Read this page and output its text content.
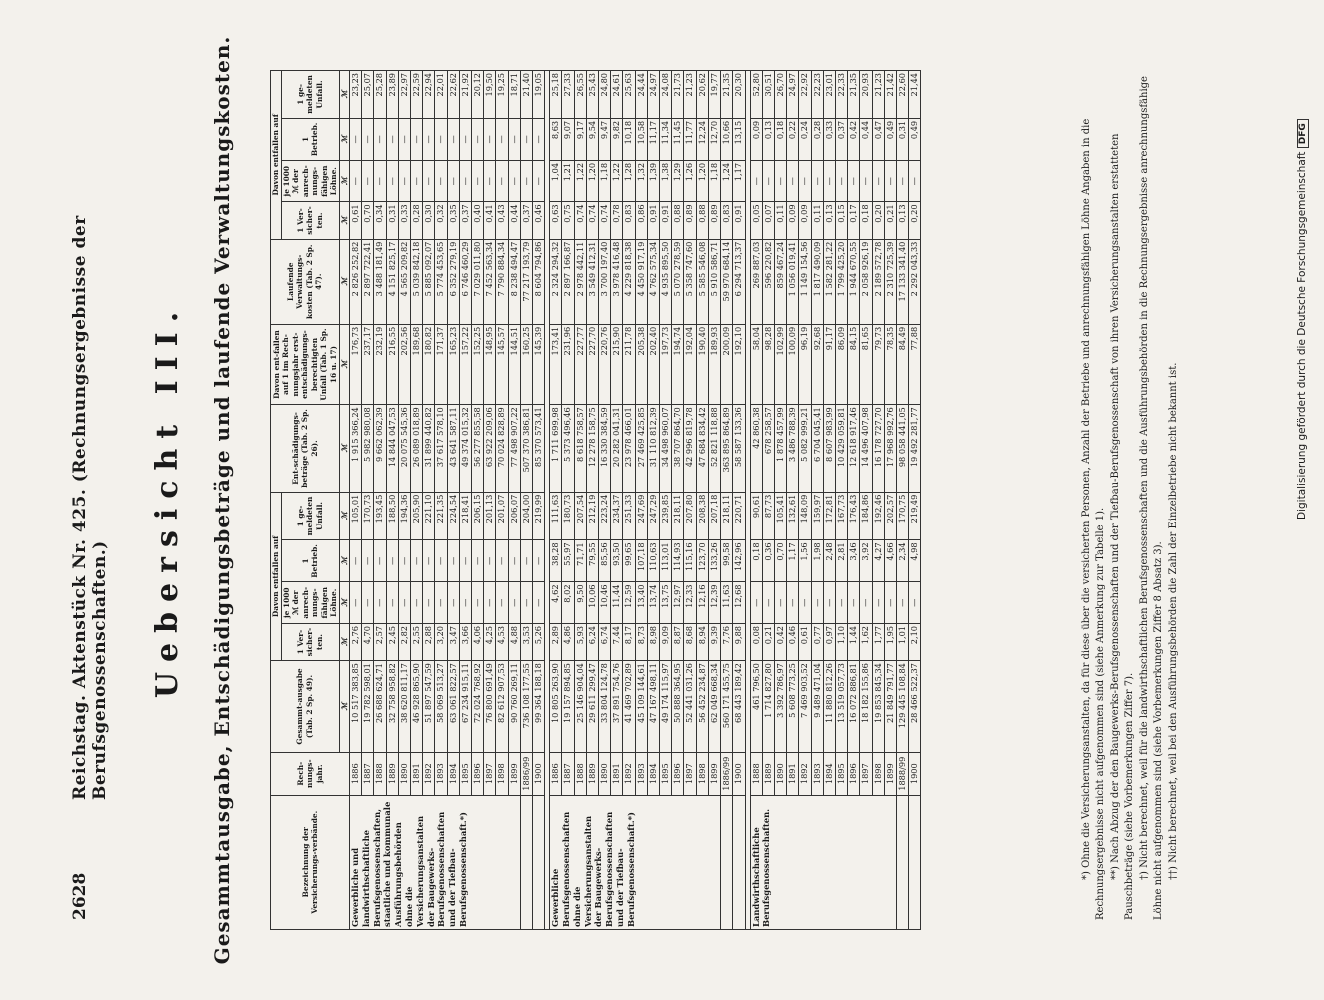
2628
Reichstag. Aktenstück Nr. 425. (Rechnungsergebnisse der Berufsgenossenschaften.) Uebersicht III. Gesammtausgabe, Entschädigungsbeträge und laufende Verwaltungskosten.	Bezeichnung der Versicherungs-verbände.	Rech-nungs-jahr.	Gesammt-ausgabe (Tab. 2 Sp. 49).	Davon entfallen auf				Ent-schädigungs-beträge (Tab. 2 Sp. 26).	Davon ent-fallen auf 1 im Rech-nungsjahr erst-entschädigungs-berechtigten Unfall (Tab. 1 Sp. 16 u. 17)	Laufende Verwaltungs-kosten (Tab. 2 Sp. 47).	Davon entfallen auf			
			1 Ver-sicher-ten.	je 1000 ℳ der anrech-nungs-fähigen Löhne.	1 Betrieb.	1 ge-meldeten Unfall.				1 Ver-sicher-ten.	je 1000 ℳ der anrech-nungs-fähigen Löhne.	1 Betrieb.	1 ge-meldeten Unfall.
		ℳ	ℳ	ℳ	ℳ	ℳ	ℳ	ℳ	ℳ	ℳ	ℳ	ℳ	ℳ
Gewerbliche und landwirthschaftliche Berufsgenossenschaften, staatliche und kommunale Ausführungsbehörden ohne die Versicherungsanstalten der Baugewerks-Berufsgenossenschaften und der Tiefbau-Berufsgenossenschaft.*)	1886	10 517 383,85	2,76	—	—	105,01	1 915 366,24	176,73	2 826 252,82	0,61	—	—	23,23
	1887	19 782 598,01	4,70	—	—	170,73	5 982 980,08	237,17	2 897 722,41	0,70	—	—	25,07
	1888	26 688 624,71	2,57	—	—	193,45	9 662 062,39	232,19	3 488 181,49	0,34	—	—	25,28
	1889	32 758 958,82	2,45	—	—	188,50	14 844 047,53	216,55	4 151 825,17	0,31	—	—	23,89
	1890	38 620 811,17	2,82	—	—	194,36	20 075 545,36	202,56	4 565 209,82	0,33	—	—	22,97
	1891	46 928 865,90	2,55	—	—	205,90	26 089 018,89	189,68	5 039 842,18	0,28	—	—	22,59
	1892	51 897 547,59	2,88	—	—	221,10	31 899 440,82	180,82	5 885 092,07	0,30	—	—	22,94
	1893	58 069 513,27	3,20	—	—	221,35	37 617 578,10	171,37	5 774 453,65	0,32	—	—	22,01
	1894	63 061 822,57	3,47	—	—	224,54	43 641 587,11	165,23	6 352 279,19	0,35	—	—	22,62
	1895	67 234 915,11	3,66	—	—	218,41	49 374 015,32	157,22	6 746 460,29	0,37	—	—	21,92
	1896	72 024 768,92	4,06	—	—	206,15	56 277 855,58	152,25	7 029 011,80	0,40	—	—	20,12
	1897	76 800 691,49	4,25	—	—	201,13	63 922 209,06	148,95	7 452 563,34	0,41	—	—	19,50
	1898	82 612 907,53	4,53	—	—	201,07	70 024 828,89	145,57	7 790 884,34	0,43	—	—	19,25
	1899	90 760 269,11	4,88	—	—	206,07	77 498 907,22	144,51	8 238 494,47	0,44	—	—	18,71
	1886/99	736 108 177,55	3,53	—	—	204,00	507 370 386,81	160,25	77 217 193,79	0,37	—	—	21,40
	1900	99 364 188,18	5,26	—	—	219,99	85 370 573,41	145,39	8 604 794,86	0,46	—	—	19,05

Gewerbliche Berufsgenossenschaften ohne die Versicherungsanstalten der Baugewerks-Berufsgenossenschaften und der Tiefbau-Berufsgenossenschaft.*)	1886	10 805 263,90	2,89	4,62	38,28	111,63	1 711 699,98	173,41	2 324 294,32	0,63	1,04	8,63	25,18
	1887	19 157 894,85	4,86	8,02	55,97	180,73	5 373 496,46	231,96	2 897 166,87	0,75	1,21	9,07	27,33
	1888	25 146 904,04	5,93	9,50	71,71	207,54	8 618 758,57	227,77	2 978 442,11	0,74	1,22	9,17	26,55
	1889	29 611 299,47	6,24	10,06	79,55	212,19	12 278 158,75	227,70	3 549 412,31	0,74	1,20	9,54	25,43
	1890	33 804 124,78	6,74	10,46	85,56	223,24	16 330 384,59	220,76	3 700 197,40	0,74	1,18	9,47	24,80
	1891	37 891 754,76	7,44	11,44	93,50	234,37	20 282 041,31	215,90	3 978 416,48	0,78	1,22	9,82	24,61
	1892	41 469 702,89	8,17	12,59	99,65	251,33	23 978 466,01	211,78	4 229 818,38	0,83	1,28	10,18	25,63
	1893	45 109 144,61	8,73	13,40	107,18	247,69	27 469 425,85	205,38	4 450 917,19	0,86	1,32	10,58	24,44
	1894	47 167 498,11	8,98	13,74	110,63	247,29	31 110 812,39	202,40	4 762 575,34	0,91	1,39	11,17	24,97
	1895	49 174 115,97	9,09	13,75	113,01	239,85	34 498 960,07	197,73	4 935 895,50	0,91	1,38	11,34	24,08
	1896	50 888 364,95	8,87	12,97	114,93	218,11	38 707 864,70	194,74	5 070 278,59	0,88	1,29	11,45	21,73
	1897	52 441 031,26	8,68	12,33	115,16	207,80	42 996 819,78	192,04	5 358 747,60	0,89	1,26	11,77	21,23
	1898	56 452 234,87	8,94	12,16	123,70	208,38	47 684 834,42	190,40	5 585 546,08	0,88	1,20	12,24	20,62
	1899	62 049 668,34	9,39	12,39	133,26	207,18	52 821 118,88	189,93	5 910 586,71	0,89	1,18	12,70	19,77
	1886/99	560 171 455,75	7,76	11,63	99,58	218,11	363 895 864,89	200,09	59 970 684,14	0,83	1,24	10,66	21,35
	1900	68 443 189,42	9,88	12,68	142,96	220,71	58 587 133,36	192,10	6 294 713,37	0,91	1,17	13,15	20,30

Landwirthschaftliche Berufsgenossenschaften.	1888	461 796,50	0,08	—	0,18	90,61	42 860,38	58,04	269 887,03	0,05	—	0,09	52,80
	1889	1 714 827,80	0,21	—	0,36	87,73	678 258,57	98,28	596 220,82	0,07	—	0,13	30,51
	1890	3 392 786,97	0,42	—	0,70	105,41	1 878 457,99	102,99	859 467,24	0,11	—	0,18	26,70
	1891	5 608 773,25	0,46	—	1,17	132,61	3 486 788,39	100,09	1 056 019,41	0,09	—	0,22	24,97
	1892	7 469 903,52	0,61	—	1,56	148,09	5 082 999,21	96,19	1 149 154,56	0,09	—	0,24	22,92
	1893	9 489 471,04	0,77	—	1,98	159,97	6 704 045,41	92,68	1 817 490,09	0,11	—	0,28	22,23
	1894	11 880 812,26	0,97	—	2,48	172,81	8 607 983,99	91,17	1 582 281,22	0,13	—	0,33	23,01
	1895	13 519 057,73	1,10	—	2,81	167,73	10 429 059,81	86,09	1 799 425,20	0,15	—	0,37	22,33
	1896	16 072 886,81	1,44	—	3,46	176,43	12 618 917,46	84,15	1 944 670,55	0,17	—	0,42	21,35
	1897	18 182 155,86	1,62	—	3,92	184,86	14 496 407,98	81,65	2 058 926,19	0,18	—	0,44	20,93
	1898	19 853 845,34	1,77	—	4,27	192,46	16 178 727,70	79,73	2 189 572,78	0,20	—	0,47	21,23
	1899	21 849 791,77	1,95	—	4,66	202,57	17 968 992,76	78,35	2 310 725,39	0,21	—	0,49	21,42
	1888/99	129 445 108,84	1,01	—	2,34	170,75	98 058 441,05	84,49	17 133 341,40	0,13	—	0,31	22,60
	1900	28 466 522,37	2,10	—	4,98	219,49	19 492 281,77	77,88	2 292 043,33	0,20	—	0,49	21,44

*) Ohne die Versicherungsanstalten, da für diese über die versicherten Personen, Anzahl der Betriebe und anrechnungsfähigen Löhne Angaben in die Rechnungsergebnisse nicht aufgenommen sind (siehe Anmerkung zur Tabelle 1). **) Nach Abzug der den Baugewerks-Berufsgenossenschaften und der Tiefbau-Berufsgenossenschaft von ihren Versicherungsanstalten erstatteten Pauschbeträge (siehe Vorbemerkungen Ziffer 7). †) Nicht berechnet, weil für die landwirthschaftlichen Berufsgenossenschaften und die Ausführungsbehörden in die Rechnungsergebnisse anrechnungsfähige Löhne nicht aufgenommen sind (siehe Vorbemerkungen Ziffer 8 Absatz 3). ††) Nicht berechnet, weil bei den Ausführungsbehörden die Zahl der Einzelbetriebe nicht bekannt ist.

Digitalisierung gefördert durch die Deutsche Forschungsgemeinschaft DFG
